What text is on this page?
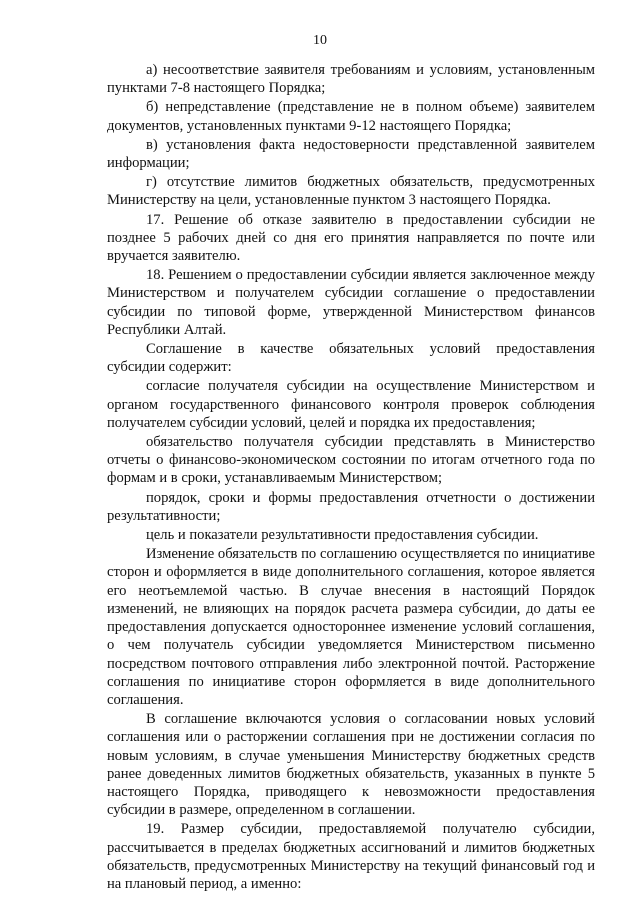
10

а) несоответствие заявителя требованиям и условиям, установленным пунктами 7-8 настоящего Порядка;

б) непредставление (представление не в полном объеме) заявителем документов, установленных пунктами 9-12 настоящего Порядка;

в) установления факта недостоверности представленной заявителем информации;

г) отсутствие лимитов бюджетных обязательств, предусмотренных Министерству на цели, установленные пунктом 3 настоящего Порядка.

17. Решение об отказе заявителю в предоставлении субсидии не позднее 5 рабочих дней со дня его принятия направляется по почте или вручается заявителю.

18. Решением о предоставлении субсидии является заключенное между Министерством и получателем субсидии соглашение о предоставлении субсидии по типовой форме, утвержденной Министерством финансов Республики Алтай.

Соглашение в качестве обязательных условий предоставления субсидии содержит:

согласие получателя субсидии на осуществление Министерством и органом государственного финансового контроля проверок соблюдения получателем субсидии условий, целей и порядка их предоставления;

обязательство получателя субсидии представлять в Министерство отчеты о финансово-экономическом состоянии по итогам отчетного года по формам и в сроки, устанавливаемым Министерством;

порядок, сроки и формы предоставления отчетности о достижении результативности;

цель и показатели результативности предоставления субсидии.

Изменение обязательств по соглашению осуществляется по инициативе сторон и оформляется в виде дополнительного соглашения, которое является его неотъемлемой частью. В случае внесения в настоящий Порядок изменений, не влияющих на порядок расчета размера субсидии, до даты ее предоставления допускается одностороннее изменение условий соглашения, о чем получатель субсидии уведомляется Министерством письменно посредством почтового отправления либо электронной почтой. Расторжение соглашения по инициативе сторон оформляется в виде дополнительного соглашения.

В соглашение включаются условия о согласовании новых условий соглашения или о расторжении соглашения при не достижении согласия по новым условиям, в случае уменьшения Министерству бюджетных средств ранее доведенных лимитов бюджетных обязательств, указанных в пункте 5 настоящего Порядка, приводящего к невозможности предоставления субсидии в размере, определенном в соглашении.

19. Размер субсидии, предоставляемой получателю субсидии, рассчитывается в пределах бюджетных ассигнований и лимитов бюджетных обязательств, предусмотренных Министерству на текущий финансовый год и на плановый период, а именно:
